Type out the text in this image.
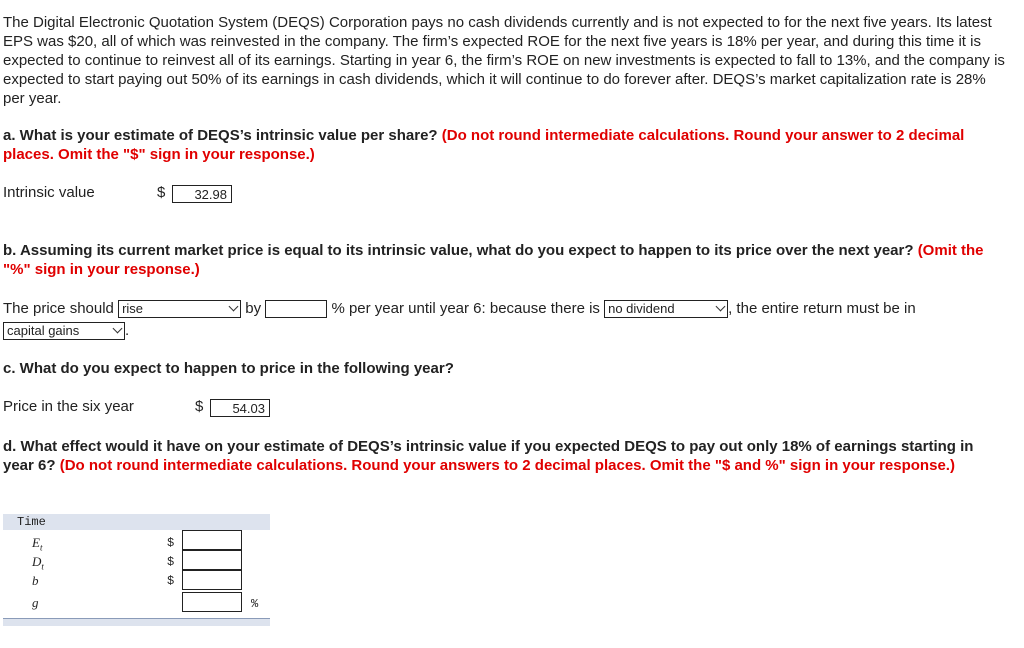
The Digital Electronic Quotation System (DEQS) Corporation pays no cash dividends currently and is not expected to for the next five years. Its latest EPS was $20, all of which was reinvested in the company. The firm’s expected ROE for the next five years is 18% per year, and during this time it is expected to continue to reinvest all of its earnings. Starting in year 6, the firm’s ROE on new investments is expected to fall to 13%, and the company is expected to start paying out 50% of its earnings in cash dividends, which it will continue to do forever after. DEQS’s market capitalization rate is 28% per year.
a. What is your estimate of DEQS’s intrinsic value per share? (Do not round intermediate calculations. Round your answer to 2 decimal places. Omit the "$" sign in your response.)
Intrinsic value	$	32.98
b. Assuming its current market price is equal to its intrinsic value, what do you expect to happen to its price over the next year? (Omit the "%" sign in your response.)
The price should rise	by	% per year until year 6: because there is no dividend	, the entire return must be in
capital gains	.
c. What do you expect to happen to price in the following year?
Price in the six year	$	54.03
d. What effect would it have on your estimate of DEQS’s intrinsic value if you expected DEQS to pay out only 18% of earnings starting in year 6? (Do not round intermediate calculations. Round your answers to 2 decimal places. Omit the "$ and %" sign in your response.)
Time
$E_t$	$
$D_t$	$
b	$
g	%
